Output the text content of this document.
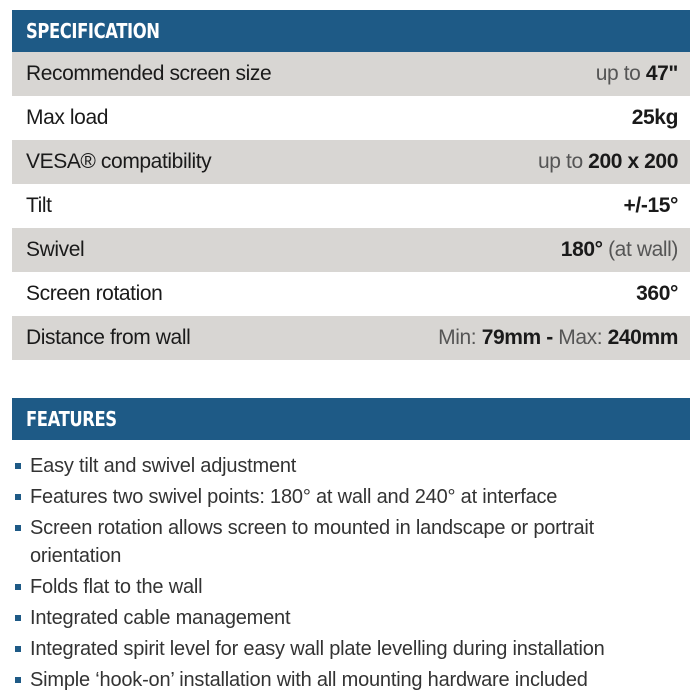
SPECIFICATION
Recommended screen size	up to 47"
Max load	25kg
VESA® compatibility	up to 200 x 200
Tilt	+/-15°
Swivel	180° (at wall)
Screen rotation	360°
Distance from wall	Min: 79mm - Max: 240mm
FEATURES
Easy tilt and swivel adjustment
Features two swivel points: 180° at wall and 240° at interface
Screen rotation allows screen to mounted in landscape or portrait orientation
Folds flat to the wall
Integrated cable management
Integrated spirit level for easy wall plate levelling during installation
Simple ‘hook-on’ installation with all mounting hardware included
